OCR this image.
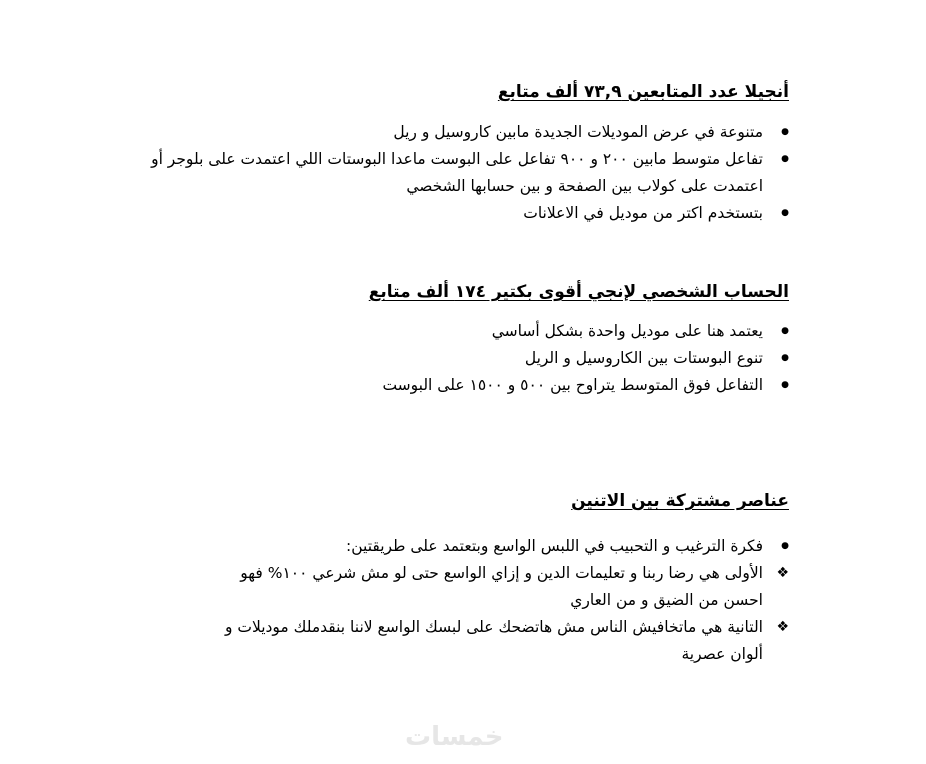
أنجيلا عدد المتابعين ٧٣,٩ ألف متابع
●
متنوعة في عرض الموديلات الجديدة مابين كاروسيل و ريل
●
تفاعل متوسط مابين ٢٠٠ و ٩٠٠ تفاعل على البوست ماعدا البوستات اللي اعتمدت على بلوجر أو اعتمدت على كولاب بين الصفحة و بين حسابها الشخصي
●
بتستخدم اكتر من موديل في الاعلانات
الحساب الشخصي لإنجي أقوى بكتير ١٧٤ ألف متابع
●
يعتمد هنا على موديل واحدة بشكل أساسي
●
تنوع البوستات بين الكاروسيل و الريل
●
التفاعل فوق المتوسط يتراوح بين ٥٠٠ و ١٥٠٠ على البوست
عناصر مشتركة بين الاتنين
●
فكرة الترغيب و التحبيب في اللبس الواسع وبتعتمد على طريقتين:
❖
الأولى هي رضا ربنا و تعليمات الدين و إزاي الواسع حتى لو مش شرعي ١٠٠% فهو احسن من الضيق و من العاري
❖
التانية هي ماتخافيش الناس مش هاتضحك على لبسك الواسع لاننا بنقدملك موديلات و ألوان عصرية
خمسات
